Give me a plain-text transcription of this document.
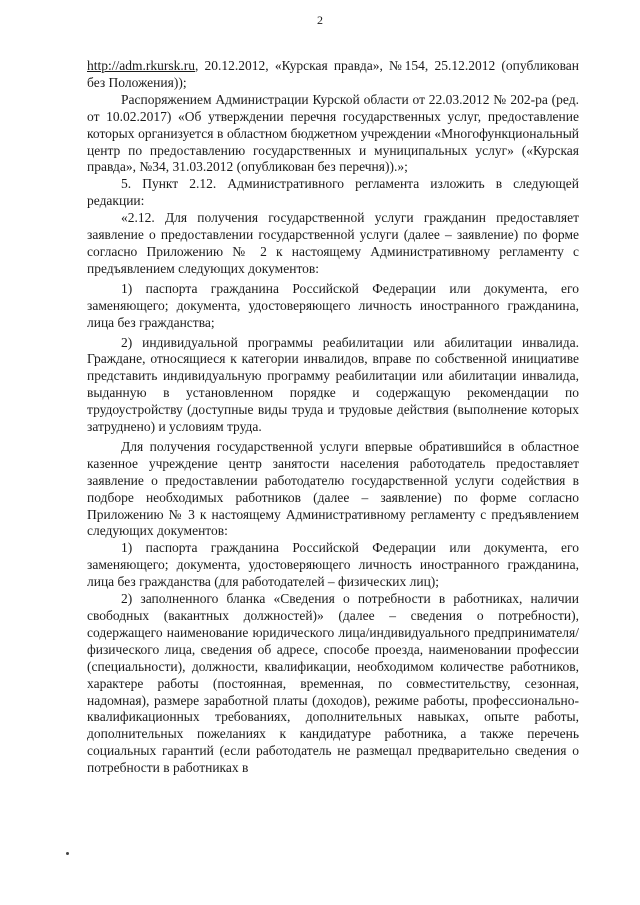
2

http://adm.rkursk.ru, 20.12.2012, «Курская правда», №154, 25.12.2012 (опубликован без Положения));

Распоряжением Администрации Курской области от 22.03.2012 № 202-ра (ред. от 10.02.2017) «Об утверждении перечня государственных услуг, предоставление которых организуется в областном бюджетном учреждении «Многофункциональный центр по предоставлению государственных и муниципальных услуг» («Курская правда», №34, 31.03.2012 (опубликован без перечня)).»;

5. Пункт 2.12. Административного регламента изложить в следующей редакции:

«2.12. Для получения государственной услуги гражданин предоставляет заявление о предоставлении государственной услуги (далее – заявление) по форме согласно Приложению № 2 к настоящему Административному регламенту с предъявлением следующих документов:

1) паспорта гражданина Российской Федерации или документа, его заменяющего; документа, удостоверяющего личность иностранного гражданина, лица без гражданства;

2) индивидуальной программы реабилитации или абилитации инвалида. Граждане, относящиеся к категории инвалидов, вправе по собственной инициативе представить индивидуальную программу реабилитации или абилитации инвалида, выданную в установленном порядке и содержащую рекомендации по трудоустройству (доступные виды труда и трудовые действия (выполнение которых затруднено) и условиям труда.

Для получения государственной услуги впервые обратившийся в областное казенное учреждение центр занятости населения работодатель предоставляет заявление о предоставлении работодателю государственной услуги содействия в подборе необходимых работников (далее – заявление) по форме согласно Приложению № 3 к настоящему Административному регламенту с предъявлением следующих документов:

1) паспорта гражданина Российской Федерации или документа, его заменяющего; документа, удостоверяющего личность иностранного гражданина, лица без гражданства (для работодателей – физических лиц);

2) заполненного бланка «Сведения о потребности в работниках, наличии свободных (вакантных должностей)» (далее – сведения о потребности), содержащего наименование юридического лица/индивидуального предпринимателя/физического лица, сведения об адресе, способе проезда, наименовании профессии (специальности), должности, квалификации, необходимом количестве работников, характере работы (постоянная, временная, по совместительству, сезонная, надомная), размере заработной платы (доходов), режиме работы, профессионально-квалификационных требованиях, дополнительных навыках, опыте работы, дополнительных пожеланиях к кандидатуре работника, а также перечень социальных гарантий (если работодатель не размещал предварительно сведения о потребности в работниках в
